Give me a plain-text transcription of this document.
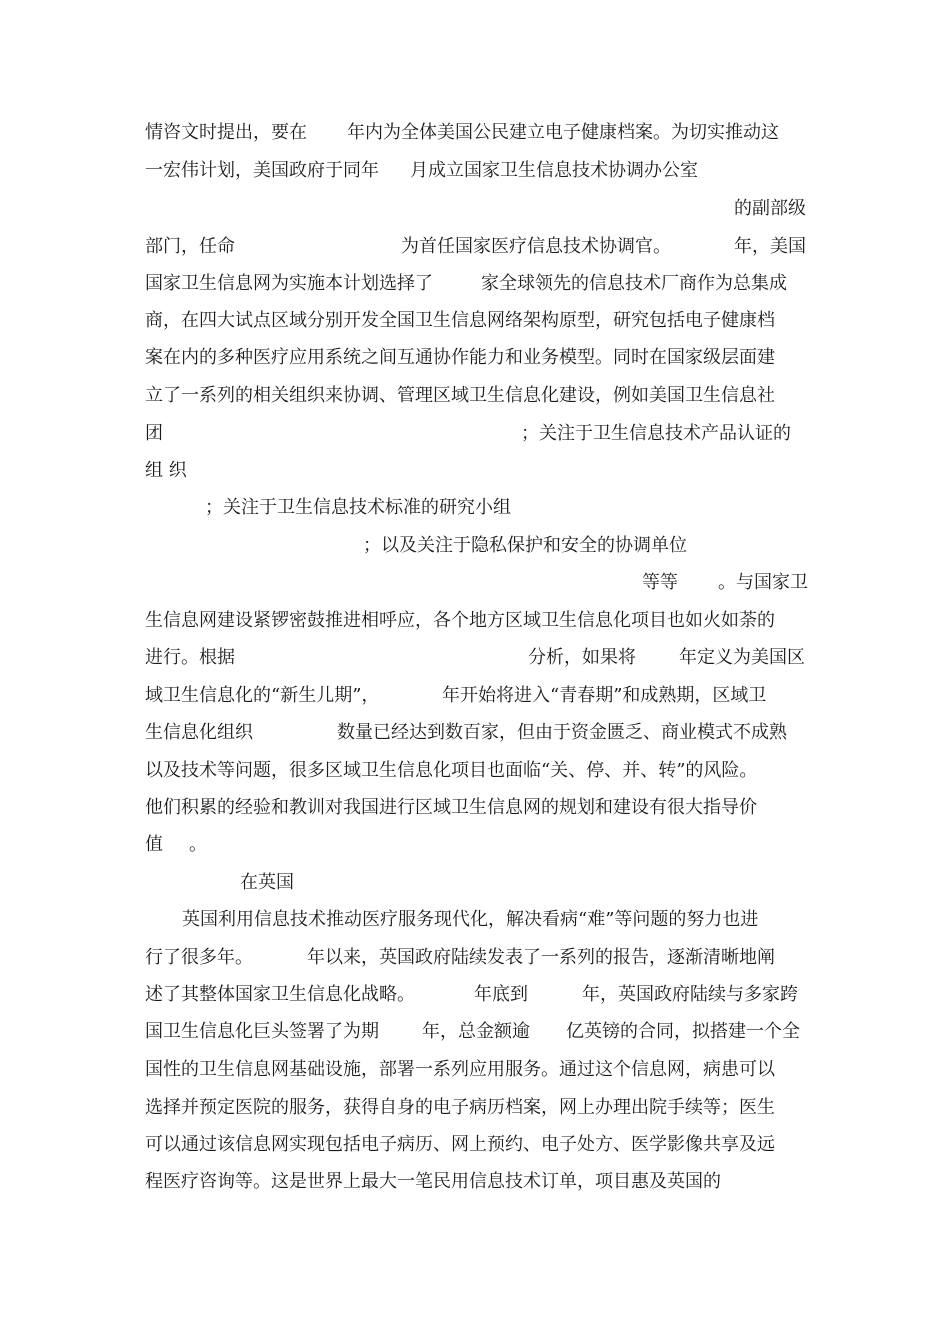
情咨文时提出，要在 年内为全体美国公民建立电子健康档案。为切实推动这
一宏伟计划，美国政府于同年 月成立国家卫生信息技术协调办公室
的副部级
部门，任命	为首任国家医疗信息技术协调官。	年，美国
国家卫生信息网为实施本计划选择了	家全球领先的信息技术厂商作为总集成
商，在四大试点区域分别开发全国卫生信息网络架构原型，研究包括电子健康档
案在内的多种医疗应用系统之间互通协作能力和业务模型。同时在国家级层面建
立了一系列的相关组织来协调、管理区域卫生信息化建设，例如美国卫生信息社
团	；关注于卫生信息技术产品认证的
组 织
；关注于卫生信息技术标准的研究小组
；以及关注于隐私保护和安全的协调单位
等等 。与国家卫
生信息网建设紧锣密鼓推进相呼应，各个地方区域卫生信息化项目也如火如荼的
进行。根据	分析，如果将 年定义为美国区
域卫生信息化的“新生儿期”，	年开始将进入“青春期”和成熟期，区域卫
生信息化组织	数量已经达到数百家，但由于资金匮乏、商业模式不成熟
以及技术等问题，很多区域卫生信息化项目也面临“关、停、并、转”的风险。
他们积累的经验和教训对我国进行区域卫生信息网的规划和建设有很大指导价
值 。
在英国
英国利用信息技术推动医疗服务现代化，解决看病“难”等问题的努力也进
行了很多年。	年以来，英国政府陆续发表了一系列的报告，逐渐清晰地阐
述了其整体国家卫生信息化战略。	年底到	年，英国政府陆续与多家跨
国卫生信息化巨头签署了为期 年，总金额逾 亿英镑的合同，拟搭建一个全
国性的卫生信息网基础设施，部署一系列应用服务。通过这个信息网，病患可以
选择并预定医院的服务，获得自身的电子病历档案，网上办理出院手续等；医生
可以通过该信息网实现包括电子病历、网上预约、电子处方、医学影像共享及远
程医疗咨询等。这是世界上最大一笔民用信息技术订单，项目惠及英国的
